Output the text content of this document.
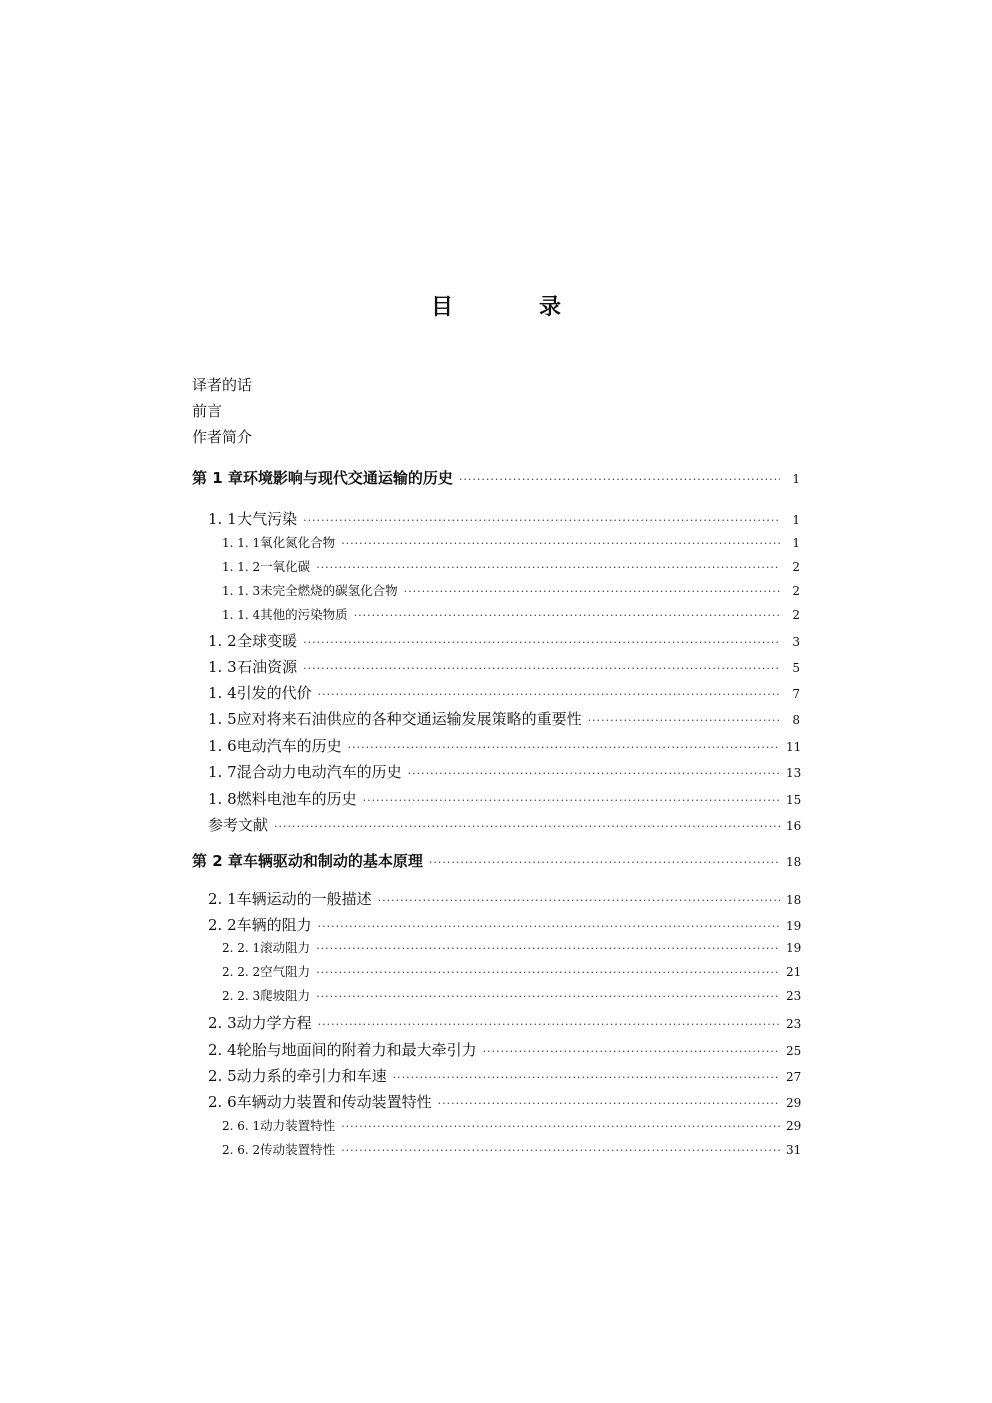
目	录
译者的话
前言
作者简介
第 1 章 环境影响与现代交通运输的历史 ·····	1
1. 1 大气污染 ·····	1
1. 1. 1 氧化氮化合物 ·····	1
1. 1. 2 一氧化碳 ·····	2
1. 1. 3 未完全燃烧的碳氢化合物 ·····	2
1. 1. 4 其他的污染物质 ·····	2
1. 2 全球变暖 ·····	3
1. 3 石油资源 ·····	5
1. 4 引发的代价 ·····	7
1. 5 应对将来石油供应的各种交通运输发展策略的重要性 ·····	8
1. 6 电动汽车的历史 ·····	11
1. 7 混合动力电动汽车的历史 ·····	13
1. 8 燃料电池车的历史 ·····	15
参考文献 ·····	16
第 2 章 车辆驱动和制动的基本原理 ·····	18
2. 1 车辆运动的一般描述 ·····	18
2. 2 车辆的阻力 ·····	19
2. 2. 1 滚动阻力 ·····	19
2. 2. 2 空气阻力 ·····	21
2. 2. 3 爬坡阻力 ·····	23
2. 3 动力学方程 ·····	23
2. 4 轮胎与地面间的附着力和最大牵引力 ·····	25
2. 5 动力系的牵引力和车速 ·····	27
2. 6 车辆动力装置和传动装置特性 ·····	29
2. 6. 1 动力装置特性 ·····	29
2. 6. 2 传动装置特性 ·····	31
